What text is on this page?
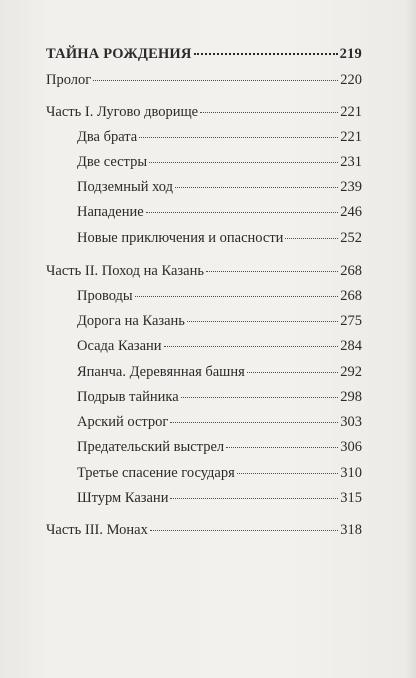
ТАЙНА РОЖДЕНИЯ	219
Пролог	220
Часть I. Лугово дворище	221
Два брата	221
Две сестры	231
Подземный ход	239
Нападение	246
Новые приключения и опасности	252
Часть II. Поход на Казань	268
Проводы	268
Дорога на Казань	275
Осада Казани	284
Япанча. Деревянная башня	292
Подрыв тайника	298
Арский острог	303
Предательский выстрел	306
Третье спасение государя	310
Штурм Казани	315
Часть III. Монах	318
